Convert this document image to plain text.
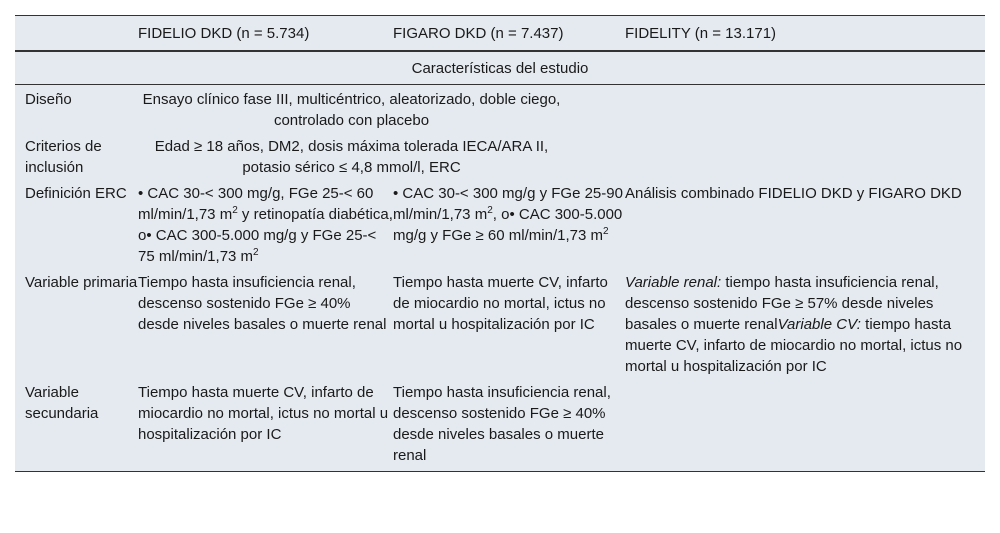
	FIDELIO DKD (n = 5.734)	FIGARO DKD (n = 7.437)	FIDELITY (n = 13.171)
Características del estudio			
Diseño	Ensayo clínico fase III, multicéntrico, aleatorizado, doble ciego, controlado con placebo		
Criterios de inclusión	Edad ≥ 18 años, DM2, dosis máxima tolerada IECA/ARA II, potasio sérico ≤ 4,8 mmol/l, ERC		
Definición ERC	• CAC 30-< 300 mg/g, FGe 25-< 60 ml/min/1,73 $m^2$ y retinopatía diabética, o• CAC 300-5.000 mg/g y FGe 25-< 75 ml/min/1,73 $m^2$	• CAC 30-< 300 mg/g y FGe 25-90 ml/min/1,73 $m^2$, o• CAC 300-5.000 mg/g y FGe ≥ 60 ml/min/1,73 $m^2$	Análisis combinado FIDELIO DKD y FIGARO DKD
Variable primaria	Tiempo hasta insuficiencia renal, descenso sostenido FGe ≥ 40% desde niveles basales o muerte renal	Tiempo hasta muerte CV, infarto de miocardio no mortal, ictus no mortal u hospitalización por IC	Variable renal: tiempo hasta insuficiencia renal, descenso sostenido FGe ≥ 57% desde niveles basales o muerte renalVariable CV: tiempo hasta muerte CV, infarto de miocardio no mortal, ictus no mortal u hospitalización por IC
Variable secundaria	Tiempo hasta muerte CV, infarto de miocardio no mortal, ictus no mortal u hospitalización por IC	Tiempo hasta insuficiencia renal, descenso sostenido FGe ≥ 40% desde niveles basales o muerte renal	
